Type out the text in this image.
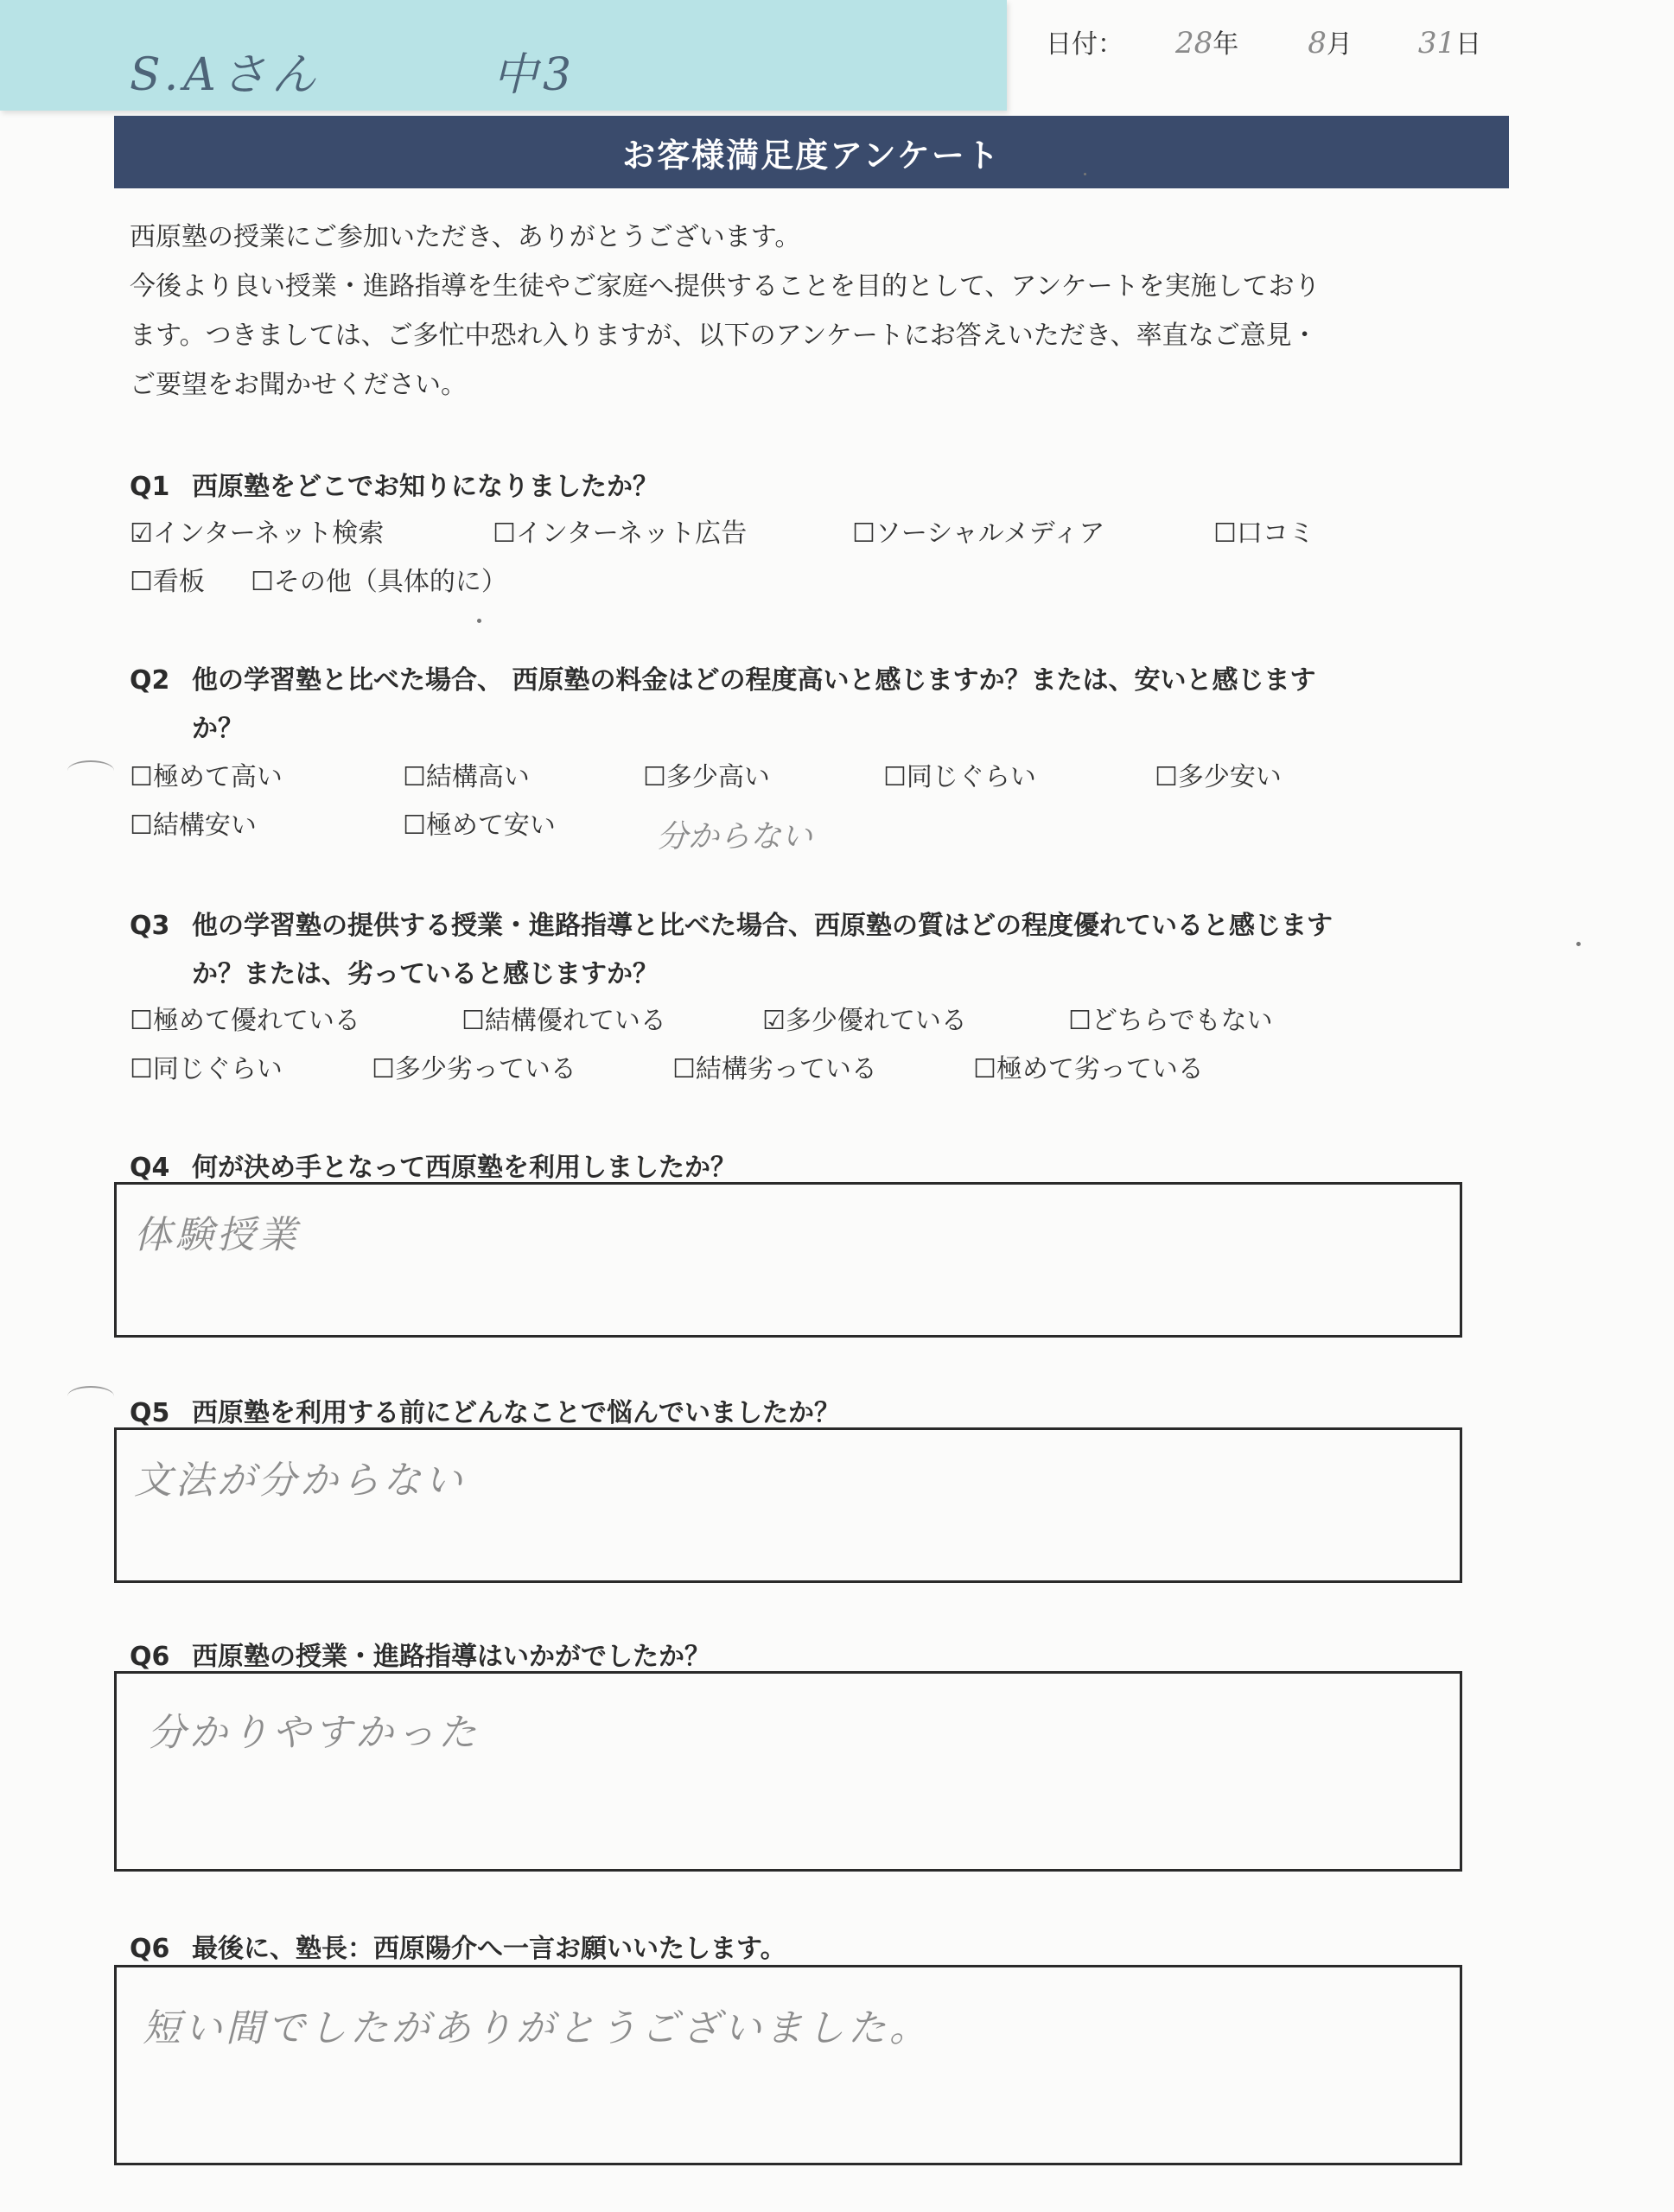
S.Aさん	中3
日付： 28 年 8 月 31 日
お客様満足度アンケート

西原塾の授業にご参加いただき、ありがとうございます。

今後より良い授業・進路指導を生徒やご家庭へ提供することを目的として、アンケートを実施しており

ます。つきましては、ご多忙中恐れ入りますが、以下のアンケートにお答えいただき、率直なご意見・

ご要望をお聞かせください。

Q1 西原塾をどこでお知りになりましたか？
☑インターネット検索	☐インターネット広告	☐ソーシャルメディア	☐口コミ
☐看板 ☐その他（具体的に）
Q2 他の学習塾と比べた場合、 西原塾の料金はどの程度高いと感じますか？または、安いと感じます
か？
☐極めて高い	☐結構高い	☐多少高い	☐同じぐらい	☐多少安い
☐結構安い	☐極めて安い	分からない
Q3 他の学習塾の提供する授業・進路指導と比べた場合、西原塾の質はどの程度優れていると感じます
か？または、劣っていると感じますか？
☐極めて優れている	☐結構優れている	☑多少優れている	☐どちらでもない
☐同じぐらい	☐多少劣っている	☐結構劣っている	☐極めて劣っている
Q4 何が決め手となって西原塾を利用しましたか？
体験授業
Q5 西原塾を利用する前にどんなことで悩んでいましたか？
文法が分からない
Q6 西原塾の授業・進路指導はいかがでしたか？
分かりやすかった
Q6 最後に、塾長：西原陽介へ一言お願いいたします。
短い間でしたがありがとうございました。
